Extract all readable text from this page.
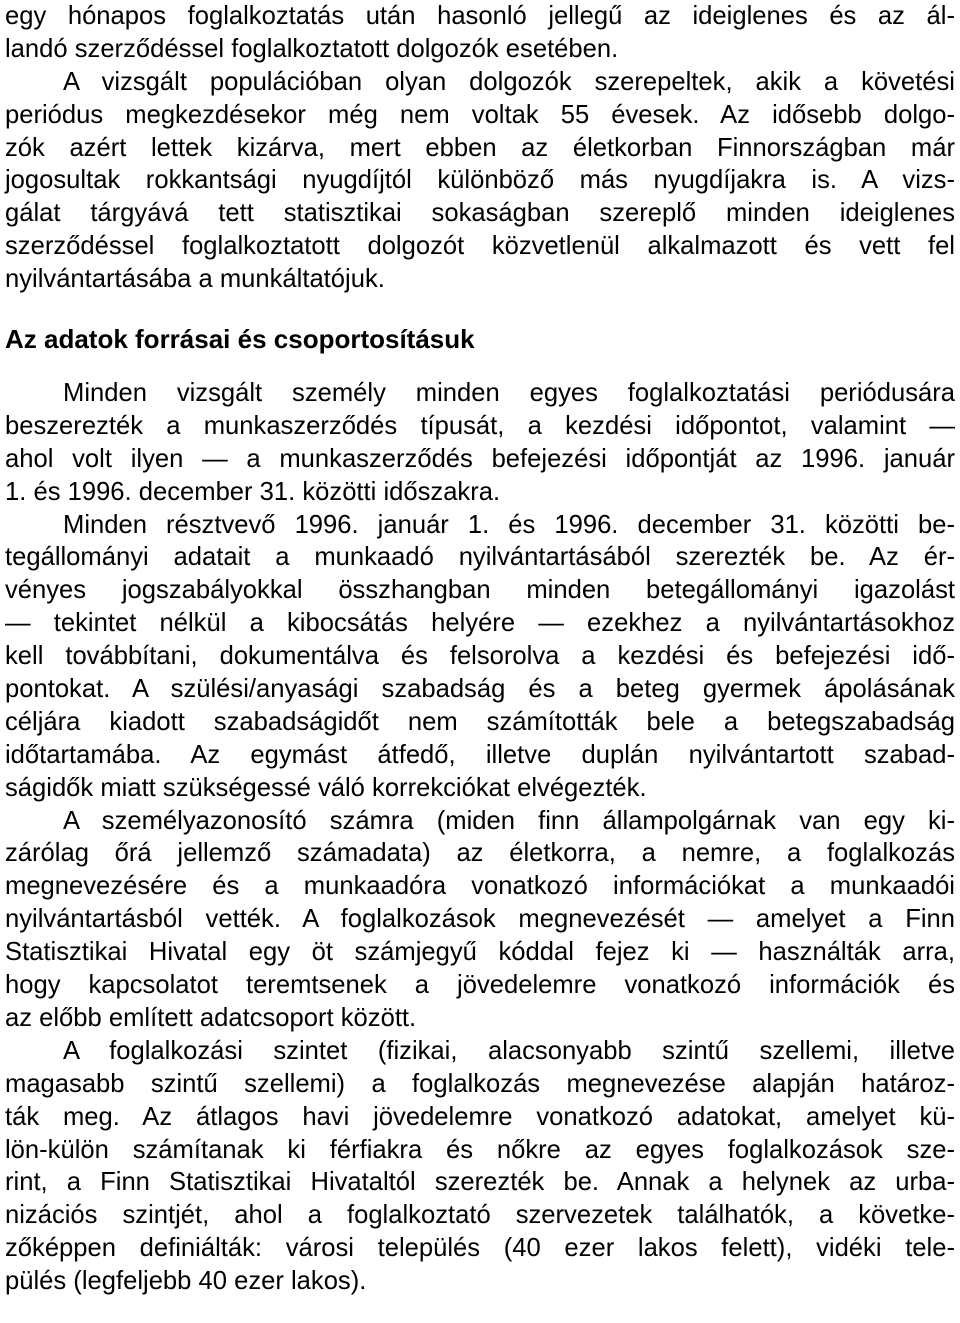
egy hónapos foglalkoztatás után hasonló jellegű az ideiglenes és az ál-
landó szerződéssel foglalkoztatott dolgozók esetében.
A vizsgált populációban olyan dolgozók szerepeltek, akik a követési
periódus megkezdésekor még nem voltak 55 évesek. Az idősebb dolgo-
zók azért lettek kizárva, mert ebben az életkorban Finnországban már
jogosultak rokkantsági nyugdíjtól különböző más nyugdíjakra is. A vizs-
gálat tárgyává tett statisztikai sokaságban szereplő minden ideiglenes
szerződéssel foglalkoztatott dolgozót közvetlenül alkalmazott és vett fel
nyilvántartásába a munkáltatójuk.
Az adatok forrásai és csoportosításuk
Minden vizsgált személy minden egyes foglalkoztatási periódusára
beszerezték a munkaszerződés típusát, a kezdési időpontot, valamint —
ahol volt ilyen — a munkaszerződés befejezési időpontját az 1996. január
1. és 1996. december 31. közötti időszakra.
Minden résztvevő 1996. január 1. és 1996. december 31. közötti be-
tegállományi adatait a munkaadó nyilvántartásából szerezték be. Az ér-
vényes jogszabályokkal összhangban minden betegállományi igazolást
— tekintet nélkül a kibocsátás helyére — ezekhez a nyilvántartásokhoz
kell továbbítani, dokumentálva és felsorolva a kezdési és befejezési idő-
pontokat. A szülési/anyasági szabadság és a beteg gyermek ápolásának
céljára kiadott szabadságidőt nem számították bele a betegszabadság
időtartamába. Az egymást átfedő, illetve duplán nyilvántartott szabad-
ságidők miatt szükségessé váló korrekciókat elvégezték.
A személyazonosító számra (miden finn állampolgárnak van egy ki-
zárólag őrá jellemző számadata) az életkorra, a nemre, a foglalkozás
megnevezésére és a munkaadóra vonatkozó információkat a munkaadói
nyilvántartásból vették. A foglalkozások megnevezését — amelyet a Finn
Statisztikai Hivatal egy öt számjegyű kóddal fejez ki — használták arra,
hogy kapcsolatot teremtsenek a jövedelemre vonatkozó információk és
az előbb említett adatcsoport között.
A foglalkozási szintet (fizikai, alacsonyabb szintű szellemi, illetve
magasabb szintű szellemi) a foglalkozás megnevezése alapján határoz-
ták meg. Az átlagos havi jövedelemre vonatkozó adatokat, amelyet kü-
lön-külön számítanak ki férfiakra és nőkre az egyes foglalkozások sze-
rint, a Finn Statisztikai Hivataltól szerezték be. Annak a helynek az urba-
nizációs szintjét, ahol a foglalkoztató szervezetek találhatók, a követke-
zőképpen definiálták: városi település (40 ezer lakos felett), vidéki tele-
pülés (legfeljebb 40 ezer lakos).
